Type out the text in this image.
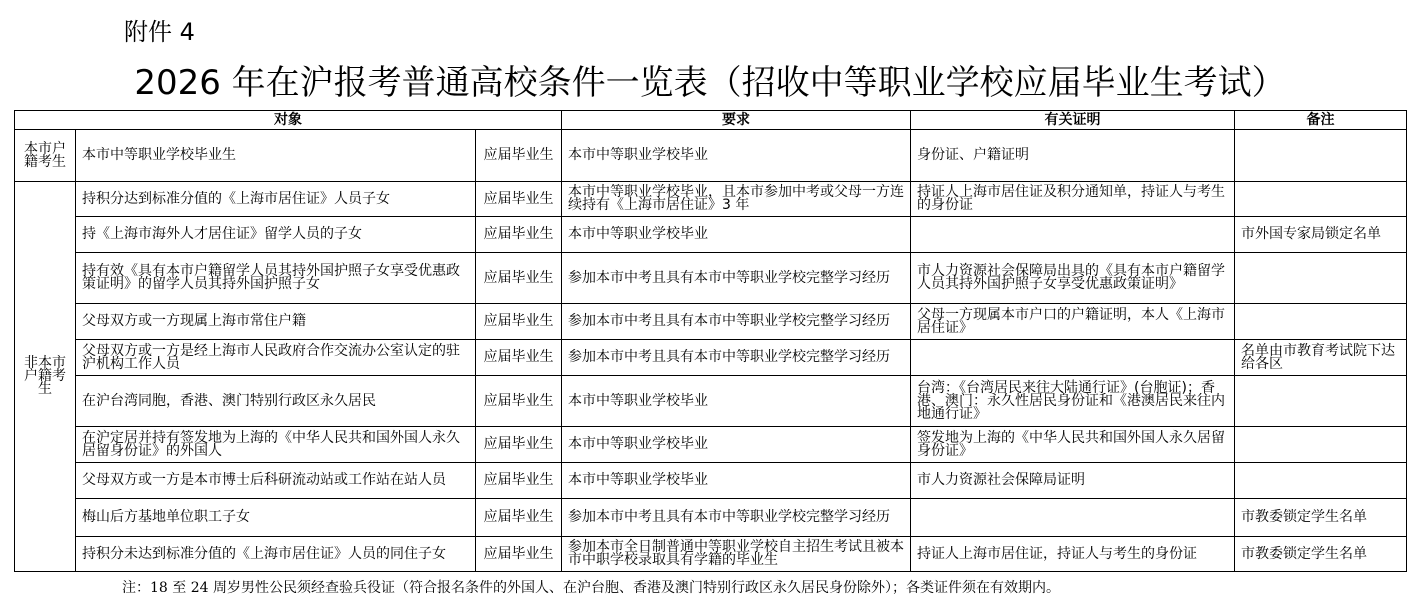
附件 4
2026 年在沪报考普通高校条件一览表（招收中等职业学校应届毕业生考试）
对象			要求	有关证明	备注
本市户籍考生	本市中等职业学校毕业生	应届毕业生	本市中等职业学校毕业	身份证、户籍证明	
非本市户籍考生	持积分达到标准分值的《上海市居住证》人员子女	应届毕业生	本市中等职业学校毕业，且本市参加中考或父母一方连续持有《上海市居住证》3 年	持证人上海市居住证及积分通知单，持证人与考生的身份证	
	持《上海市海外人才居住证》留学人员的子女	应届毕业生	本市中等职业学校毕业		市外国专家局锁定名单
	持有效《具有本市户籍留学人员其持外国护照子女享受优惠政策证明》的留学人员其持外国护照子女	应届毕业生	参加本市中考且具有本市中等职业学校完整学习经历	市人力资源社会保障局出具的《具有本市户籍留学人员其持外国护照子女享受优惠政策证明》	
	父母双方或一方现属上海市常住户籍	应届毕业生	参加本市中考且具有本市中等职业学校完整学习经历	父母一方现属本市户口的户籍证明，本人《上海市居住证》	
	父母双方或一方是经上海市人民政府合作交流办公室认定的驻沪机构工作人员	应届毕业生	参加本市中考且具有本市中等职业学校完整学习经历		名单由市教育考试院下达给各区
	在沪台湾同胞，香港、澳门特别行政区永久居民	应届毕业生	本市中等职业学校毕业	台湾：《台湾居民来往大陆通行证》(台胞证)；香港、澳门：永久性居民身份证和《港澳居民来往内地通行证》	
	在沪定居并持有签发地为上海的《中华人民共和国外国人永久居留身份证》的外国人	应届毕业生	本市中等职业学校毕业	签发地为上海的《中华人民共和国外国人永久居留身份证》	
	父母双方或一方是本市博士后科研流动站或工作站在站人员	应届毕业生	本市中等职业学校毕业	市人力资源社会保障局证明	
	梅山后方基地单位职工子女	应届毕业生	参加本市中考且具有本市中等职业学校完整学习经历		市教委锁定学生名单
	持积分未达到标准分值的《上海市居住证》人员的同住子女	应届毕业生	参加本市全日制普通中等职业学校自主招生考试且被本市中职学校录取具有学籍的毕业生	持证人上海市居住证，持证人与考生的身份证	市教委锁定学生名单
注：18 至 24 周岁男性公民须经查验兵役证（符合报名条件的外国人、在沪台胞、香港及澳门特别行政区永久居民身份除外）；各类证件须在有效期内。
